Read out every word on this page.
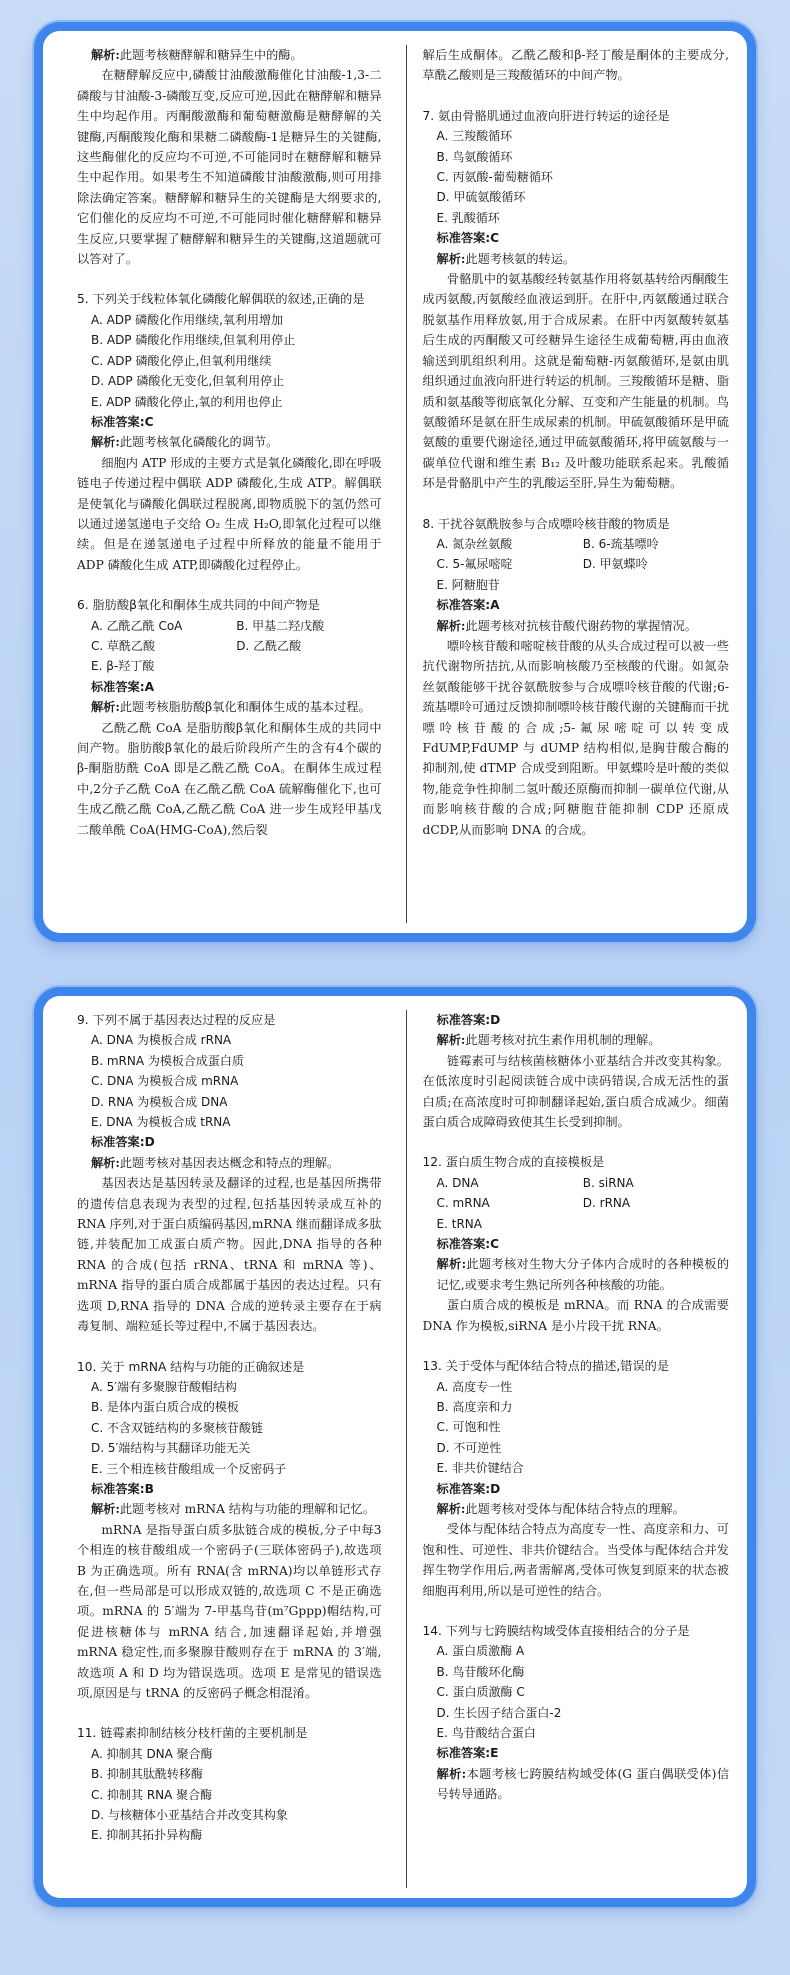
解析:此题考核糖酵解和糖异生中的酶。
在糖酵解反应中,磷酸甘油酸激酶催化甘油酸-1,3-二磷酸与甘油酸-3-磷酸互变,反应可逆,因此在糖酵解和糖异生中均起作用。丙酮酸激酶和葡萄糖激酶是糖酵解的关键酶,丙酮酸羧化酶和果糖二磷酸酶-1是糖异生的关键酶,这些酶催化的反应均不可逆,不可能同时在糖酵解和糖异生中起作用。如果考生不知道磷酸甘油酸激酶,则可用排除法确定答案。糖酵解和糖异生的关键酶是大纲要求的,它们催化的反应均不可逆,不可能同时催化糖酵解和糖异生反应,只要掌握了糖酵解和糖异生的关键酶,这道题就可以答对了。
5. 下列关于线粒体氧化磷酸化解偶联的叙述,正确的是
A. ADP 磷酸化作用继续,氧利用增加
B. ADP 磷酸化作用继续,但氧利用停止
C. ADP 磷酸化停止,但氧利用继续
D. ADP 磷酸化无变化,但氧利用停止
E. ADP 磷酸化停止,氧的利用也停止
标准答案:C
解析:此题考核氧化磷酸化的调节。
细胞内 ATP 形成的主要方式是氧化磷酸化,即在呼吸链电子传递过程中偶联 ADP 磷酸化,生成 ATP。解偶联是使氧化与磷酸化偶联过程脱离,即物质脱下的氢仍然可以通过递氢递电子交给 O₂ 生成 H₂O,即氧化过程可以继续。但是在递氢递电子过程中所释放的能量不能用于 ADP 磷酸化生成 ATP,即磷酸化过程停止。
6. 脂肪酸β氧化和酮体生成共同的中间产物是
A. 乙酰乙酰 CoA	B. 甲基二羟戊酸
C. 草酰乙酸	D. 乙酰乙酸
E. β-羟丁酸
标准答案:A
解析:此题考核脂肪酸β氧化和酮体生成的基本过程。
乙酰乙酰 CoA 是脂肪酸β氧化和酮体生成的共同中间产物。脂肪酸β氧化的最后阶段所产生的含有4个碳的β-酮脂肪酰 CoA 即是乙酰乙酰 CoA。在酮体生成过程中,2分子乙酰 CoA 在乙酰乙酰 CoA 硫解酶催化下,也可生成乙酰乙酰 CoA,乙酰乙酰 CoA 进一步生成羟甲基戊二酸单酰 CoA(HMG-CoA),然后裂
解后生成酮体。乙酰乙酸和β-羟丁酸是酮体的主要成分,草酰乙酸则是三羧酸循环的中间产物。
7. 氨由骨骼肌通过血液向肝进行转运的途径是
A. 三羧酸循环
B. 鸟氨酸循环
C. 丙氨酸-葡萄糖循环
D. 甲硫氨酸循环
E. 乳酸循环
标准答案:C
解析:此题考核氨的转运。
骨骼肌中的氨基酸经转氨基作用将氨基转给丙酮酸生成丙氨酸,丙氨酸经血液运到肝。在肝中,丙氨酸通过联合脱氨基作用释放氨,用于合成尿素。在肝中丙氨酸转氨基后生成的丙酮酸又可经糖异生途径生成葡萄糖,再由血液输送到肌组织利用。这就是葡萄糖-丙氨酸循环,是氨由肌组织通过血液向肝进行转运的机制。三羧酸循环是糖、脂质和氨基酸等彻底氧化分解、互变和产生能量的机制。鸟氨酸循环是氨在肝生成尿素的机制。甲硫氨酸循环是甲硫氨酸的重要代谢途径,通过甲硫氨酸循环,将甲硫氨酸与一碳单位代谢和维生素 B₁₂ 及叶酸功能联系起来。乳酸循环是骨骼肌中产生的乳酸运至肝,异生为葡萄糖。
8. 干扰谷氨酰胺参与合成嘌呤核苷酸的物质是
A. 氮杂丝氨酸	B. 6-巯基嘌呤
C. 5-氟尿嘧啶	D. 甲氨蝶呤
E. 阿糖胞苷
标准答案:A
解析:此题考核对抗核苷酸代谢药物的掌握情况。
嘌呤核苷酸和嘧啶核苷酸的从头合成过程可以被一些抗代谢物所拮抗,从而影响核酸乃至核酸的代谢。如氮杂丝氨酸能够干扰谷氨酰胺参与合成嘌呤核苷酸的代谢;6-巯基嘌呤可通过反馈抑制嘌呤核苷酸代谢的关键酶而干扰嘌呤核苷酸的合成;5-氟尿嘧啶可以转变成 FdUMP,FdUMP 与 dUMP 结构相似,是胸苷酸合酶的抑制剂,使 dTMP 合成受到阻断。甲氨蝶呤是叶酸的类似物,能竞争性抑制二氢叶酸还原酶而抑制一碳单位代谢,从而影响核苷酸的合成;阿糖胞苷能抑制 CDP 还原成 dCDP,从而影响 DNA 的合成。
9. 下列不属于基因表达过程的反应是
A. DNA 为模板合成 rRNA
B. mRNA 为模板合成蛋白质
C. DNA 为模板合成 mRNA
D. RNA 为模板合成 DNA
E. DNA 为模板合成 tRNA
标准答案:D
解析:此题考核对基因表达概念和特点的理解。
基因表达是基因转录及翻译的过程,也是基因所携带的遗传信息表现为表型的过程,包括基因转录成互补的 RNA 序列,对于蛋白质编码基因,mRNA 继而翻译成多肽链,并装配加工成蛋白质产物。因此,DNA 指导的各种 RNA 的合成(包括 rRNA、tRNA 和 mRNA 等)、mRNA 指导的蛋白质合成都属于基因的表达过程。只有选项 D,RNA 指导的 DNA 合成的逆转录主要存在于病毒复制、端粒延长等过程中,不属于基因表达。
10. 关于 mRNA 结构与功能的正确叙述是
A. 5′端有多聚腺苷酸帽结构
B. 是体内蛋白质合成的模板
C. 不含双链结构的多聚核苷酸链
D. 5′端结构与其翻译功能无关
E. 三个相连核苷酸组成一个反密码子
标准答案:B
解析:此题考核对 mRNA 结构与功能的理解和记忆。
mRNA 是指导蛋白质多肽链合成的模板,分子中每3个相连的核苷酸组成一个密码子(三联体密码子),故选项 B 为正确选项。所有 RNA(含 mRNA)均以单链形式存在,但一些局部是可以形成双链的,故选项 C 不是正确选项。mRNA 的 5′端为 7-甲基鸟苷(m⁷Gppp)帽结构,可促进核糖体与 mRNA 结合,加速翻译起始,并增强 mRNA 稳定性,而多聚腺苷酸则存在于 mRNA 的 3′端,故选项 A 和 D 均为错误选项。选项 E 是常见的错误选项,原因是与 tRNA 的反密码子概念相混淆。
11. 链霉素抑制结核分枝杆菌的主要机制是
A. 抑制其 DNA 聚合酶
B. 抑制其肽酰转移酶
C. 抑制其 RNA 聚合酶
D. 与核糖体小亚基结合并改变其构象
E. 抑制其拓扑异构酶
标准答案:D
解析:此题考核对抗生素作用机制的理解。
链霉素可与结核菌核糖体小亚基结合并改变其构象。在低浓度时引起阅读链合成中读码错误,合成无活性的蛋白质;在高浓度时可抑制翻译起始,蛋白质合成减少。细菌蛋白质合成障碍致使其生长受到抑制。
12. 蛋白质生物合成的直接模板是
A. DNA	B. siRNA
C. mRNA	D. rRNA
E. tRNA
标准答案:C
解析:此题考核对生物大分子体内合成时的各种模板的记忆,或要求考生熟记所列各种核酸的功能。
蛋白质合成的模板是 mRNA。而 RNA 的合成需要 DNA 作为模板,siRNA 是小片段干扰 RNA。
13. 关于受体与配体结合特点的描述,错误的是
A. 高度专一性
B. 高度亲和力
C. 可饱和性
D. 不可逆性
E. 非共价键结合
标准答案:D
解析:此题考核对受体与配体结合特点的理解。
受体与配体结合特点为高度专一性、高度亲和力、可饱和性、可逆性、非共价键结合。当受体与配体结合并发挥生物学作用后,两者需解离,受体可恢复到原来的状态被细胞再利用,所以是可逆性的结合。
14. 下列与七跨膜结构域受体直接相结合的分子是
A. 蛋白质激酶 A
B. 鸟苷酸环化酶
C. 蛋白质激酶 C
D. 生长因子结合蛋白-2
E. 鸟苷酸结合蛋白
标准答案:E
解析:本题考核七跨膜结构域受体(G 蛋白偶联受体)信号转导通路。
